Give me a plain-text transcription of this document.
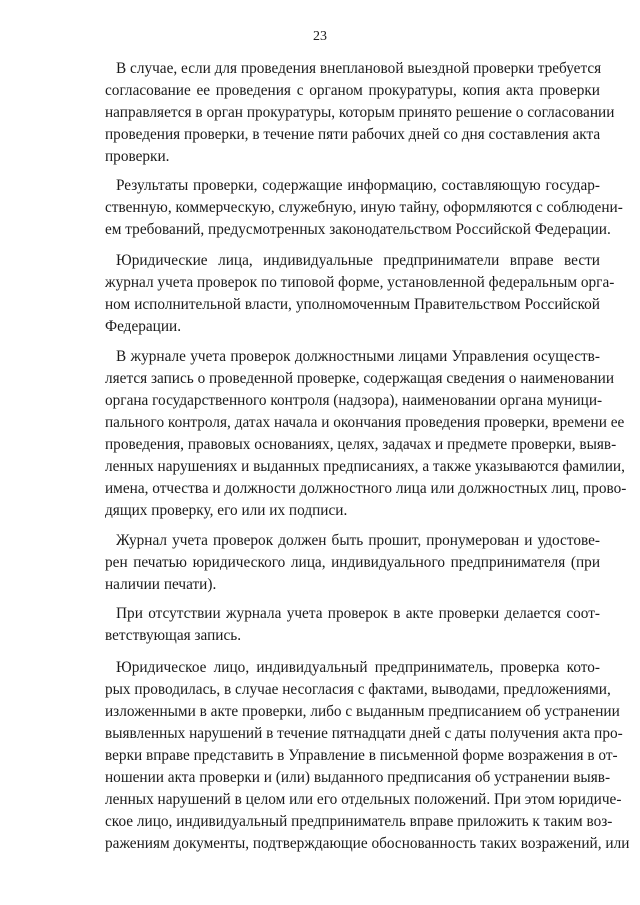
23
В случае, если для проведения внеплановой выездной проверки требуется
согласование ее проведения с органом прокуратуры, копия акта проверки
направляется в орган прокуратуры, которым принято решение о согласовании
проведения проверки, в течение пяти рабочих дней со дня составления акта
проверки.
Результаты проверки, содержащие информацию, составляющую государ-
ственную, коммерческую, служебную, иную тайну, оформляются с соблюдени-
ем требований, предусмотренных законодательством Российской Федерации.
Юридические лица, индивидуальные предприниматели вправе вести
журнал учета проверок по типовой форме, установленной федеральным орга-
ном исполнительной власти, уполномоченным Правительством Российской
Федерации.
В журнале учета проверок должностными лицами Управления осуществ-
ляется запись о проведенной проверке, содержащая сведения о наименовании
органа государственного контроля (надзора), наименовании органа муници-
пального контроля, датах начала и окончания проведения проверки, времени ее
проведения, правовых основаниях, целях, задачах и предмете проверки, выяв-
ленных нарушениях и выданных предписаниях, а также указываются фамилии,
имена, отчества и должности должностного лица или должностных лиц, прово-
дящих проверку, его или их подписи.
Журнал учета проверок должен быть прошит, пронумерован и удостове-
рен печатью юридического лица, индивидуального предпринимателя (при
наличии печати).
При отсутствии журнала учета проверок в акте проверки делается соот-
ветствующая запись.
Юридическое лицо, индивидуальный предприниматель, проверка кото-
рых проводилась, в случае несогласия с фактами, выводами, предложениями,
изложенными в акте проверки, либо с выданным предписанием об устранении
выявленных нарушений в течение пятнадцати дней с даты получения акта про-
верки вправе представить в Управление в письменной форме возражения в от-
ношении акта проверки и (или) выданного предписания об устранении выяв-
ленных нарушений в целом или его отдельных положений. При этом юридиче-
ское лицо, индивидуальный предприниматель вправе приложить к таким воз-
ражениям документы, подтверждающие обоснованность таких возражений, или
